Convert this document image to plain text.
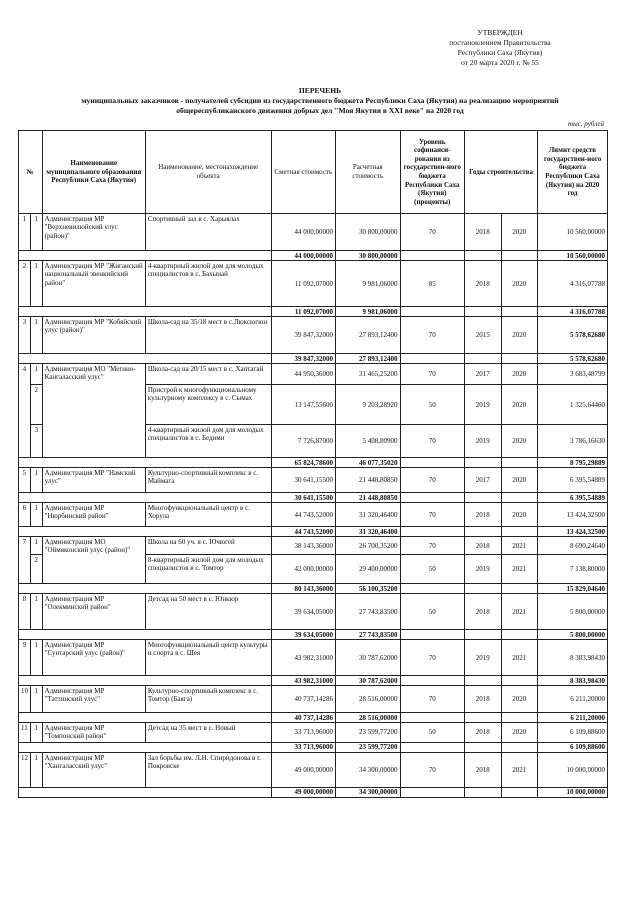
УТВЕРЖДЕН
постановлением Правительства
Республики Саха (Якутия)
от 20 марта 2020 г. № 55
ПЕРЕЧЕНЬ
муниципальных заказчиков - получателей субсидии из государственного бюджета Республики Саха (Якутия) на реализацию мероприятий
общереспубликанского движения добрых дел "Моя Якутия в XXI веке" на 2020 год
тыс. рублей
№		Наименование муниципального образования Республики Саха (Якутия)	Наименование, местонахождение объекта	Сметная стоимость	Расчетная стоимость	Уровень софинанси-рования из государствен-ного бюджета Республики Саха (Якутия) (проценты)	Годы строительства		Лимит средств государствен-ного бюджета Республики Саха (Якутия) на 2020 год
1	1	Администрация МР "Верхневилюйский улус (район)"	Спортивный зал в с. Харыялах	44 000,00000	30 800,00000	70	2018	2020	10 560,00000
				44 000,00000	30 800,00000				10 560,00000
2	1	Администрация МР "Жиганский национальный эвенкийский район"	4-квартирный жилой дом для молодых специалистов в с. Бахынай	11 092,07000	9 981,06000	85	2018	2020	4 316,07788
				11 092,07000	9 981,06000				4 316,07788
3	1	Администрация МР "Кобяйский улус (район)"	Школа-сад на 35/18 мест в с.Люксюгюн	39 847,32000	27 893,12400	70	2015	2020	5 578,62680
				39 847,32000	27 893,12400				5 578,62680
4	1	Администрация МО "Мегино-Кангаласский улус"	Школа-сад на 20/15 мест в с. Хаптагай	44 950,36000	31 465,25200	70	2017	2020	3 683,48799
	2		Пристрой к многофункциональному культурному комплексу в с. Сымах	13 147,55600	9 203,28920	50	2019	2020	1 325,64460
	3		4-квартирный жилой дом для молодых специалистов в с. Бедими	7 726,87000	5 408,80900	70	2019	2020	3 786,16630
				65 824,78600	46 077,35020				8 795,29889
5	1	Администрация МР "Намский улус"	Культурно-спортивный комплекс в с. Маймага	30 641,15500	21 448,80850	70	2017	2020	6 395,54889
				30 641,15500	21 448,80850				6 395,54889
6	1	Администрация МР "Нюрбинский район"	Многофункциональный центр в с. Хорула	44 743,52000	31 320,46400	70	2018	2020	13 424,32500
				44 743,52000	31 320,46400				13 424,32500
7	1	Администрация МО "Оймяконский улус (район)"	Школа на 60 уч. в с. Ючюгей	38 143,36000	26 700,35200	70	2018	2021	8 690,24640
	2		8-квартирный жилой дом для молодых специалистов в с. Томтор	42 000,00000	29 400,00000	50	2019	2021	7 138,80000
				80 143,36000	56 100,35200				15 829,04640
8	1	Администрация МР "Олекминский район"	Детсад на 50 мест в с. Юнкюр	39 634,05000	27 743,83500	50	2018	2021	5 800,00000
				39 634,05000	27 743,83500				5 800,00000
9	1	Администрация МР "Сунтарский улус (район)"	Многофункциональный центр культуры и спорта в с. Шея	43 982,31000	30 787,62000	70	2019	2021	8 383,98430
				43 982,31000	30 787,62000				8 383,98430
10	1	Администрация МР "Таттинский улус"	Культурно-спортивный комплекс в с. Томтор (Баяга)	40 737,14286	28 516,00000	70	2018	2020	6 211,20000
				40 737,14286	28 516,00000				6 211,20000
11	1	Администрация МР "Томпонский район"	Детсад на 35 мест в с. Новый	33 713,96000	23 599,77200	50	2018	2020	6 109,88600
				33 713,96000	23 599,77200				6 109,88600
12	1	Администрация МР "Хангаласский улус"	Зал борьбы им. Л.Н. Спиридонова в г. Покровске	49 000,00000	34 300,00000	70	2018	2021	10 000,00000
				49 000,00000	34 300,00000				10 000,00000
